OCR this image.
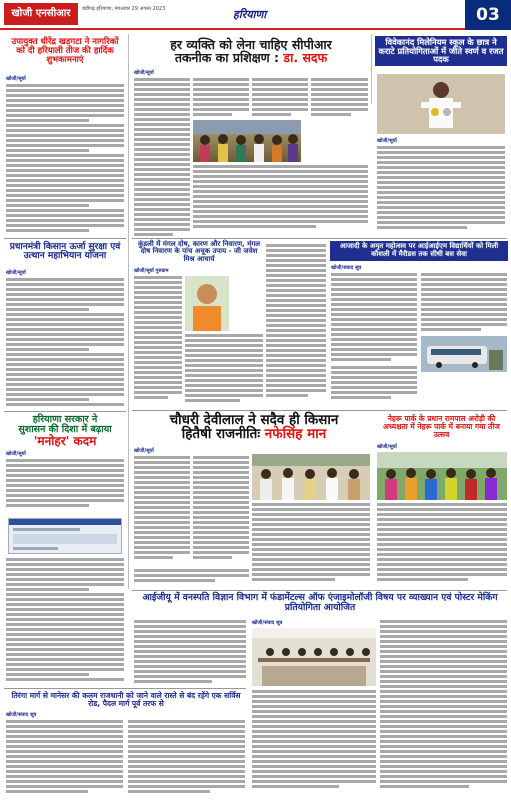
खोजी एनसीआर	चंडीगढ़ हरियाणा, मंगलवार 29 अगस्त 2023	हरियाणा	03
उपायुक्त धीरेंद्र खड़गटा ने नागरिकों को दी हरियाली तीज की हार्दिक शुभकामनाएं
खोजी/सूर्या
प्रधानमंत्री किसान ऊर्जा सुरक्षा एवं उत्थान महाभियान योजना
खोजी/सूर्या
हरियाणा सरकार ने
सुशासन की दिशा में बढ़ाया
'मनोहर' कदम
खोजी/सूर्या
तिरंगा मार्ग से मानेसर की कलम राजधानी को जाने वाले रास्ते से बंद रहेंगे एक सर्विस रोड, पैदल मार्ग पूर्व तरफ से
खोजी/संवाद सूत्र
हर व्यक्ति को लेना चाहिए सीपीआर
तकनीक का प्रशिक्षण : डा. सदफ
खोजी/सूर्या
विवेकानंद मिलेनियम स्कूल के छात्र ने कराटे प्रतियोगिताओं में जीते स्वर्ण व रजत पदक
खोजी/सूर्या
कुंडली में मंगल दोष, कारण और निवारण, मंगल दोष निवारण के पांच अचूक उपाय - जी जयेश मिश्र आचार्य
खोजी/सूर्या गुरुग्राम
आजादी के अमृत महोत्सव पर आईआईएम विद्यार्थियों को मिली कौशली में मैरीडस तक सीधी बस सेवा
खोजी/संवाद सूत्र
चौधरी देवीलाल ने सदैव ही किसान
हितैषी राजनीतिः नफेसिंह मान
खोजी/सूर्या
नेहरू पार्क के प्रधान रामपाल अरोड़ी की अध्यक्षता में नेहरू पार्क में बनाया गया तीज उत्सव
खोजी/सूर्या
आईजीयू में वनस्पति विज्ञान विभाग में फंडामेंटल्स ऑफ एंजाइमोलॉजी विषय पर व्याख्यान एवं पोस्टर मेकिंग प्रतियोगिता आयोजित
खोजी/संवाद सूत्र
